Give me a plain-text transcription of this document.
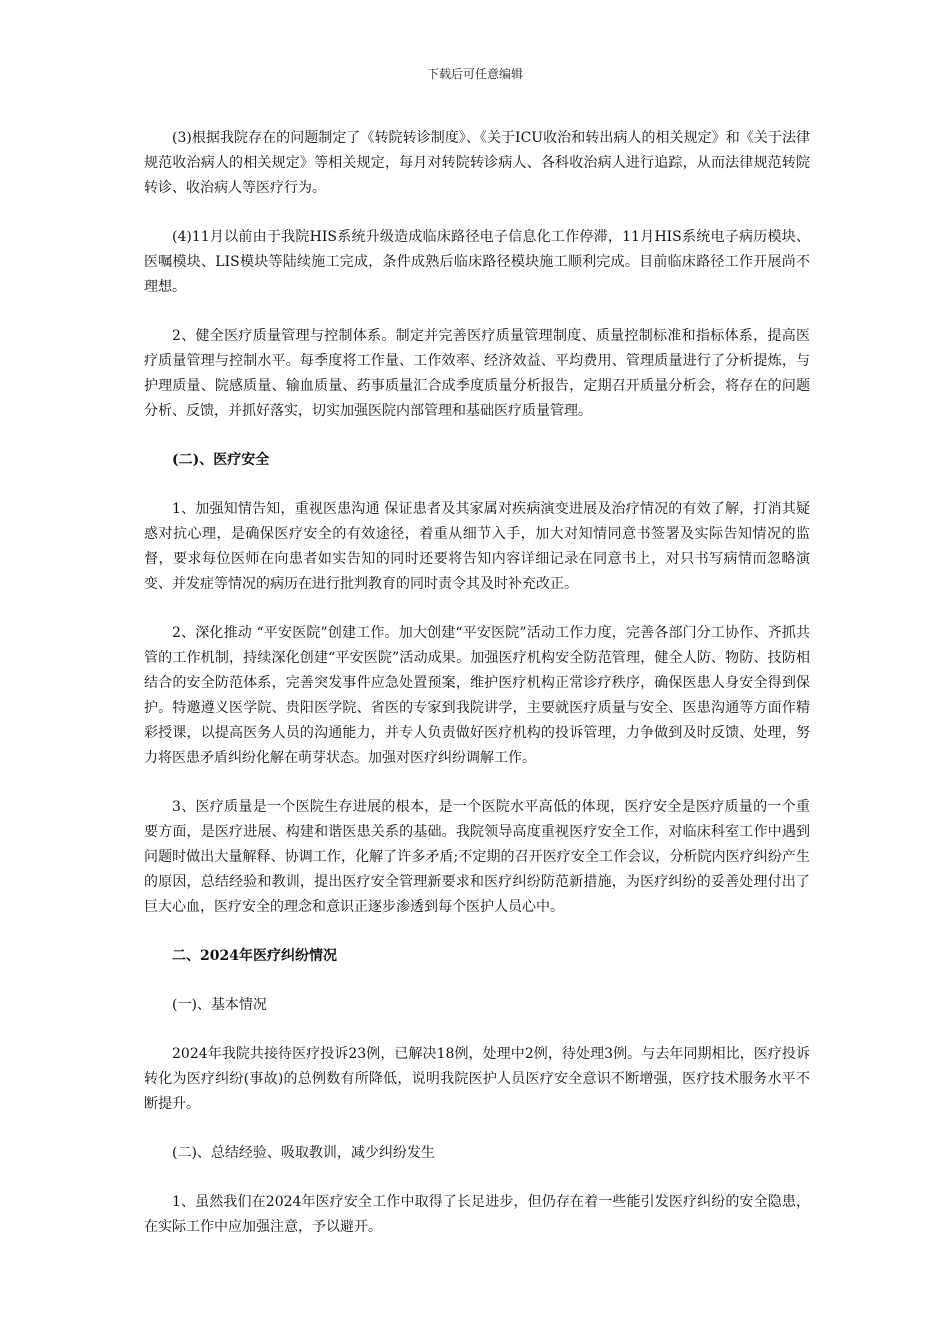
下载后可任意编辑

(3)根据我院存在的问题制定了《转院转诊制度》、《关于ICU收治和转出病人的相关规定》和《关于法律规范收治病人的相关规定》等相关规定，每月对转院转诊病人、各科收治病人进行追踪，从而法律规范转院转诊、收治病人等医疗行为。

(4)11月以前由于我院HIS系统升级造成临床路径电子信息化工作停滞，11月HIS系统电子病历模块、医嘱模块、LIS模块等陆续施工完成，条件成熟后临床路径模块施工顺利完成。目前临床路径工作开展尚不理想。

2、健全医疗质量管理与控制体系。制定并完善医疗质量管理制度、质量控制标准和指标体系，提高医疗质量管理与控制水平。每季度将工作量、工作效率、经济效益、平均费用、管理质量进行了分析提炼，与护理质量、院感质量、输血质量、药事质量汇合成季度质量分析报告，定期召开质量分析会，将存在的问题分析、反馈，并抓好落实，切实加强医院内部管理和基础医疗质量管理。

(二)、医疗安全

1、加强知情告知，重视医患沟通 保证患者及其家属对疾病演变进展及治疗情况的有效了解，打消其疑惑对抗心理，是确保医疗安全的有效途径，着重从细节入手，加大对知情同意书签署及实际告知情况的监督，要求每位医师在向患者如实告知的同时还要将告知内容详细记录在同意书上，对只书写病情而忽略演变、并发症等情况的病历在进行批判教育的同时责令其及时补充改正。

2、深化推动 “平安医院”创建工作。加大创建“平安医院”活动工作力度，完善各部门分工协作、齐抓共管的工作机制，持续深化创建“平安医院”活动成果。加强医疗机构安全防范管理，健全人防、物防、技防相结合的安全防范体系，完善突发事件应急处置预案，维护医疗机构正常诊疗秩序，确保医患人身安全得到保护。特邀遵义医学院、贵阳医学院、省医的专家到我院讲学，主要就医疗质量与安全、医患沟通等方面作精彩授课，以提高医务人员的沟通能力，并专人负责做好医疗机构的投诉管理，力争做到及时反馈、处理，努力将医患矛盾纠纷化解在萌芽状态。加强对医疗纠纷调解工作。

3、医疗质量是一个医院生存进展的根本，是一个医院水平高低的体现，医疗安全是医疗质量的一个重要方面，是医疗进展、构建和谐医患关系的基础。我院领导高度重视医疗安全工作，对临床科室工作中遇到问题时做出大量解释、协调工作，化解了许多矛盾;不定期的召开医疗安全工作会议，分析院内医疗纠纷产生的原因，总结经验和教训，提出医疗安全管理新要求和医疗纠纷防范新措施，为医疗纠纷的妥善处理付出了巨大心血，医疗安全的理念和意识正逐步渗透到每个医护人员心中。

二、2024年医疗纠纷情况

(一)、基本情况

2024年我院共接待医疗投诉23例，已解决18例，处理中2例，待处理3例。与去年同期相比，医疗投诉转化为医疗纠纷(事故)的总例数有所降低，说明我院医护人员医疗安全意识不断增强，医疗技术服务水平不断提升。

(二)、总结经验、吸取教训，减少纠纷发生

1、虽然我们在2024年医疗安全工作中取得了长足进步，但仍存在着一些能引发医疗纠纷的安全隐患，在实际工作中应加强注意，予以避开。
